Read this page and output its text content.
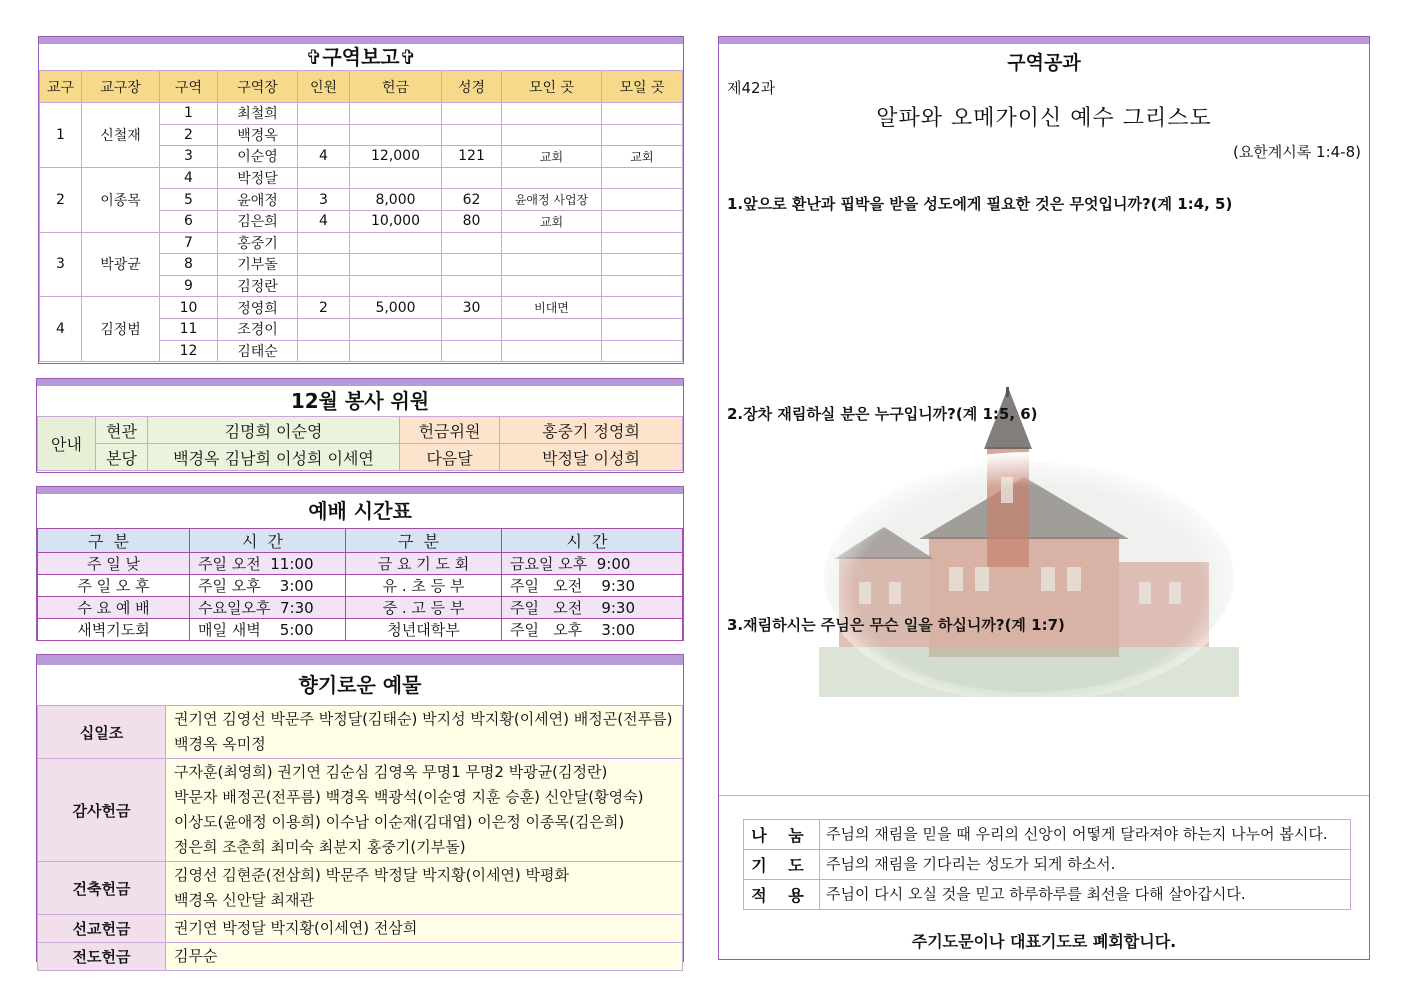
✞구역보고✞
교구	교구장	구역	구역장	인원	헌금	성경	모인 곳	모일 곳
1	신철재	1	최철희					
		2	백경옥					
		3	이순영	4	12,000	121	교회	교회
2	이종목	4	박정달					
		5	윤애정	3	8,000	62	윤애정 사업장	
		6	김은희	4	10,000	80	교회	
3	박광균	7	홍중기					
		8	기부돌					
		9	김정란					
4	김정범	10	정영희	2	5,000	30	비대면	
		11	조경이					
		12	김태순					
12월 봉사 위원
안내	현관	김명희 이순영	헌금위원	홍중기 정영희
	본당	백경옥 김남희 이성희 이세연	다음달	박정달 이성희
예배 시간표
구분	시간	구분	시간
주 일 낮	주일 오전  11:00	금 요 기 도 회	금요일 오후  9:00
주 일 오 후	주일 오후    3:00	유 . 초 등 부	주일   오전    9:30
수 요 예 배	수요일오후  7:30	중 . 고 등 부	주일   오전    9:30
새벽기도회	매일 새벽    5:00	청년대학부	주일   오후    3:00
향기로운 예물
십일조	권기연 김영선 박문주 박정달(김태순) 박지성 박지황(이세연) 배정곤(전푸름)
백경옥 옥미정

감사헌금	구자훈(최영희) 권기연 김순심 김영옥 무명1 무명2 박광균(김정란)
박문자 배정곤(전푸름) 백경옥 백광석(이순영 지훈 승훈) 신안달(황영숙)
이상도(윤애정 이용희) 이수남 이순재(김대엽) 이은정 이종목(김은희)
정은희 조춘희 최미숙 최분지 홍중기(기부돌)

건축헌금	김영선 김현준(전삼희) 박문주 박정달 박지황(이세연) 박평화
백경옥 신안달 최재관

선교헌금	권기연 박정달 박지황(이세연) 전삼희

전도헌금	김무순
구역공과
제42과
알파와 오메가이신 예수 그리스도
(요한계시록 1:4-8)
1.앞으로 환난과 핍박을 받을 성도에게 필요한 것은 무엇입니까?(계 1:4, 5)
2.장차 재림하실 분은 누구입니까?(계 1:5, 6)
3.재림하시는 주님은 무슨 일을 하십니까?(계 1:7)
나 눔	주님의 재림을 믿을 때 우리의 신앙이 어떻게 달라져야 하는지 나누어 봅시다.
기 도	주님의 재림을 기다리는 성도가 되게 하소서.
적 용	주님이 다시 오실 것을 믿고 하루하루를 최선을 다해 살아갑시다.
주기도문이나 대표기도로 폐회합니다.
